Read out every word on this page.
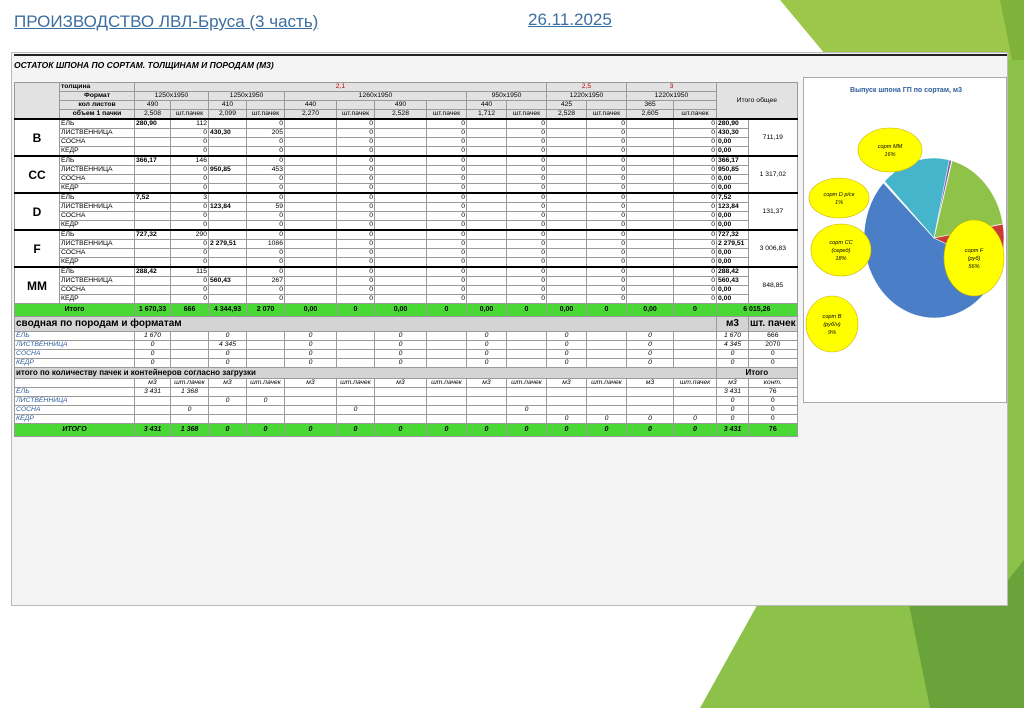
ПРОИЗВОДСТВО ЛВЛ-Бруса (3 часть)	26.11.2025
ОСТАТОК ШПОНА ПО СОРТАМ. ТОЛЩИНАМ И ПОРОДАМ (М3)
	толщина	2,1										2,5		3		Итого общее	
	Формат	1250х1950		1250х1950		1260х1950				950х1950		1220х1950		1220х1950			
	кол листов	490		410		440		490		440		425		365			
	объем 1 пачки	2,508	шт.пачек	2,099	шт.пачек	2,270	шт.пачек	2,528	шт.пачек	1,712	шт.пачек	2,528	шт.пачек	2,605	шт.пачек		
В	ЕЛЬ	280,90	112		0		0		0		0		0		0	280,90	711,19
	ЛИСТВЕННИЦА		0	430,30	205		0		0		0		0		0	430,30	
	СОСНА		0		0		0		0		0		0		0	0,00	
	КЕДР		0		0		0		0		0		0		0	0,00	
СС	ЕЛЬ	366,17	146		0		0		0		0		0		0	366,17	1 317,02
	ЛИСТВЕННИЦА		0	950,85	453		0		0		0		0		0	950,85	
	СОСНА		0		0		0		0		0		0		0	0,00	
	КЕДР		0		0		0		0		0		0		0	0,00	
D	ЕЛЬ	7,52	3		0		0		0		0		0		0	7,52	131,37
	ЛИСТВЕННИЦА		0	123,84	59		0		0		0		0		0	123,84	
	СОСНА		0		0		0		0		0		0		0	0,00	
	КЕДР		0		0		0		0		0		0		0	0,00	
F	ЕЛЬ	727,32	290		0		0		0		0		0		0	727,32	3 006,83
	ЛИСТВЕННИЦА		0	2 279,51	1086		0		0		0		0		0	2 279,51	
	СОСНА		0		0		0		0		0		0		0	0,00	
	КЕДР		0		0		0		0		0		0		0	0,00	
ММ	ЕЛЬ	288,42	115		0		0		0		0		0		0	288,42	848,85
	ЛИСТВЕННИЦА		0	560,43	267		0		0		0		0		0	560,43	
	СОСНА		0		0		0		0		0		0		0	0,00	
	КЕДР		0		0		0		0		0		0		0	0,00	
Итого		1 670,33	666	4 344,93	2 070	0,00	0	0,00	0	0,00	0	0,00	0	0,00	0	6 015,26	
сводная по породам и форматам																м3	шт. пачек
ЕЛЬ		1 670		0		0		0		0		0		0		1 670	666
ЛИСТВЕННИЦА		0		4 345		0		0		0		0		0		4 345	2070
СОСНА		0		0		0		0		0		0		0		0	0
КЕДР		0		0		0		0		0		0		0		0	0
итого по количеству пачек и контейнеров согласно загрузки																Итого	
		м3	шт.пачек	м3	шт.пачек	м3	шт.пачек	м3	шт.пачек	м3	шт.пачек	м3	шт.пачек	м3	шт.пачек	м3	конт.
ЕЛЬ		3 431	1 368													3 431	76
ЛИСТВЕННИЦА				0	0											0	0
СОСНА			0				0				0					0	0
КЕДР												0	0	0	0	0	0
ИТОГО		3 431	1 368	0	0	0	0	0	0	0	0	0	0	0	0	3 431	76
Выпуск шпона ГП по сортам, м3
сорт ММ
16%
сорт D р/ск
1%
сорт СС
(серед)
18%
сорт F
(руб)
56%
сорт В
(руб/н)
9%
